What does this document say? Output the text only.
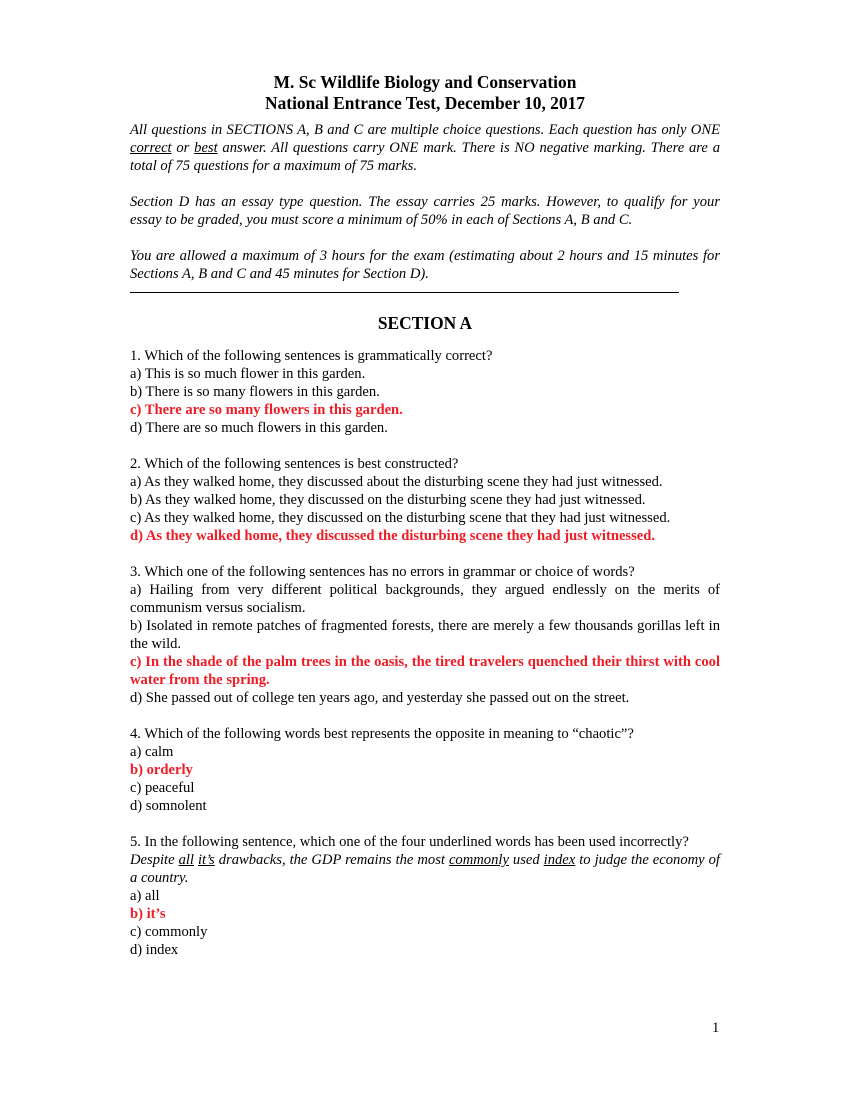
M. Sc Wildlife Biology and Conservation
National Entrance Test, December 10, 2017

All questions in SECTIONS A, B and C are multiple choice questions. Each question has only ONE correct or best answer. All questions carry ONE mark. There is NO negative marking. There are a total of 75 questions for a maximum of 75 marks.

Section D has an essay type question. The essay carries 25 marks. However, to qualify for your essay to be graded, you must score a minimum of 50% in each of Sections A, B and C.

You are allowed a maximum of 3 hours for the exam (estimating about 2 hours and 15 minutes for Sections A, B and C and 45 minutes for Section D).

SECTION A
1. Which of the following sentences is grammatically correct?
a) This is so much flower in this garden.
b) There is so many flowers in this garden.
c) There are so many flowers in this garden.
d) There are so much flowers in this garden.
2. Which of the following sentences is best constructed?
a) As they walked home, they discussed about the disturbing scene they had just witnessed.
b) As they walked home, they discussed on the disturbing scene they had just witnessed.
c) As they walked home, they discussed on the disturbing scene that they had just witnessed.
d) As they walked home, they discussed the disturbing scene they had just witnessed.
3. Which one of the following sentences has no errors in grammar or choice of words?
a) Hailing from very different political backgrounds, they argued endlessly on the merits of communism versus socialism.
b) Isolated in remote patches of fragmented forests, there are merely a few thousands gorillas left in the wild.
c) In the shade of the palm trees in the oasis, the tired travelers quenched their thirst with cool water from the spring.
d) She passed out of college ten years ago, and yesterday she passed out on the street.
4. Which of the following words best represents the opposite in meaning to “chaotic”?
a) calm
b) orderly
c) peaceful
d) somnolent
5. In the following sentence, which one of the four underlined words has been used incorrectly?
Despite all it’s drawbacks, the GDP remains the most commonly used index to judge the economy of a country.
a) all
b) it’s
c) commonly
d) index
1
